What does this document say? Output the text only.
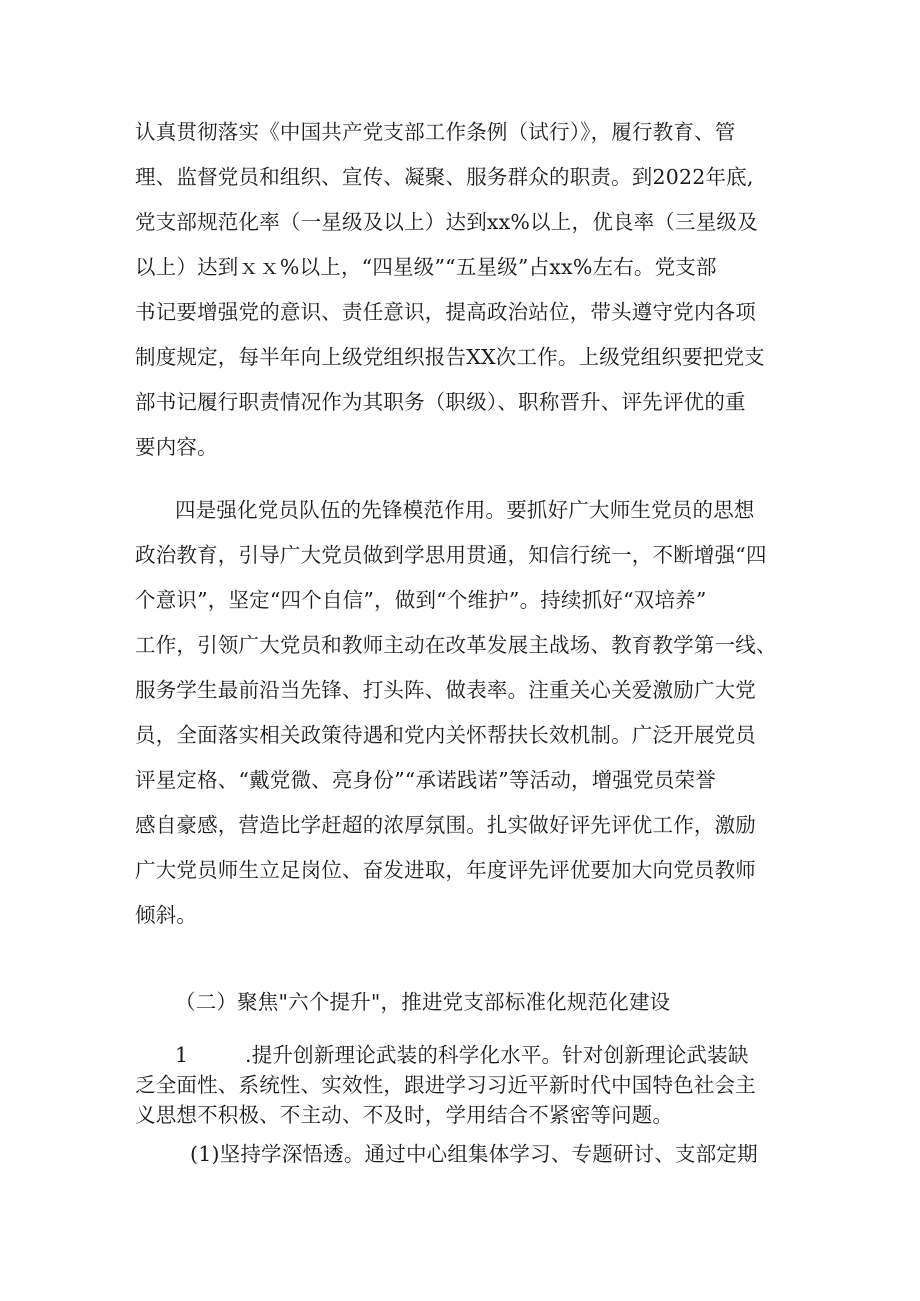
认真贯彻落实《中国共产党支部工作条例（试行）》，履行教育、管
理、监督党员和组织、宣传、凝聚、服务群众的职责。到2022年底,
党支部规范化率（一星级及以上）达到xx%以上，优良率（三星级及
以上）达到ｘｘ%以上，“四星级”“五星级”占xx%左右。党支部
书记要增强党的意识、责任意识，提高政治站位，带头遵守党内各项
制度规定，每半年向上级党组织报告XX次工作。上级党组织要把党支
部书记履行职责情况作为其职务（职级）、职称晋升、评先评优的重
要内容。

四是强化党员队伍的先锋模范作用。要抓好广大师生党员的思想
政治教育，引导广大党员做到学思用贯通，知信行统一，不断增强“四
个意识”，坚定“四个自信”，做到“个维护”。持续抓好“双培养”
工作，引领广大党员和教师主动在改革发展主战场、教育教学第一线、
服务学生最前沿当先锋、打头阵、做表率。注重关心关爱激励广大党
员，全面落实相关政策待遇和党内关怀帮扶长效机制。广泛开展党员
评星定格、“戴党微、亮身份”“承诺践诺”等活动，增强党员荣誉
感自豪感，营造比学赶超的浓厚氛围。扎实做好评先评优工作，激励
广大党员师生立足岗位、奋发进取，年度评先评优要加大向党员教师
倾斜。

（二）聚焦"六个提升"，推进党支部标准化规范化建设

1	.提升创新理论武装的科学化水平。针对创新理论武装缺
乏全面性、系统性、实效性，跟进学习习近平新时代中国特色社会主
义思想不积极、不主动、不及时，学用结合不紧密等问题。

(1)坚持学深悟透。通过中心组集体学习、专题研讨、支部定期
